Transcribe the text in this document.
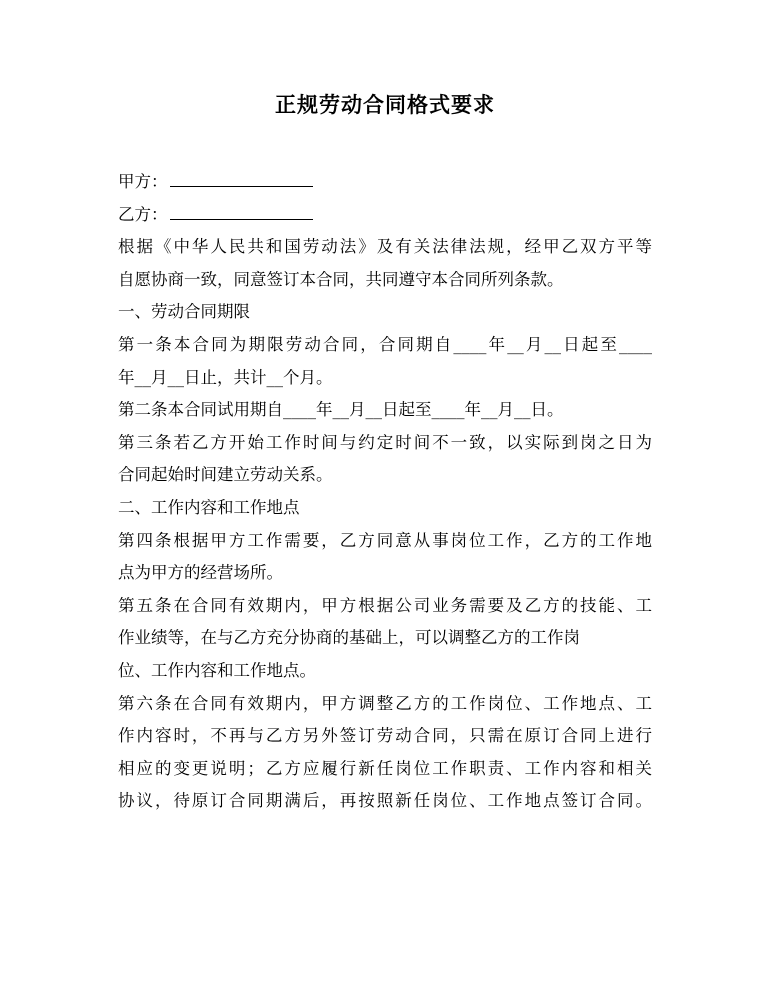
正规劳动合同格式要求
甲方：
乙方：
根据《中华人民共和国劳动法》及有关法律法规，经甲乙双方平等
自愿协商一致，同意签订本合同，共同遵守本合同所列条款。
一、劳动合同期限
第一条本合同为期限劳动合同，合同期自____年__月__日起至____
年__月__日止，共计__个月。
第二条本合同试用期自____年__月__日起至____年__月__日。
第三条若乙方开始工作时间与约定时间不一致，以实际到岗之日为
合同起始时间建立劳动关系。
二、工作内容和工作地点
第四条根据甲方工作需要，乙方同意从事岗位工作，乙方的工作地
点为甲方的经营场所。
第五条在合同有效期内，甲方根据公司业务需要及乙方的技能、工
作业绩等，在与乙方充分协商的基础上，可以调整乙方的工作岗
位、工作内容和工作地点。
第六条在合同有效期内，甲方调整乙方的工作岗位、工作地点、工
作内容时，不再与乙方另外签订劳动合同，只需在原订合同上进行
相应的变更说明；乙方应履行新任岗位工作职责、工作内容和相关
协议，待原订合同期满后，再按照新任岗位、工作地点签订合同。
